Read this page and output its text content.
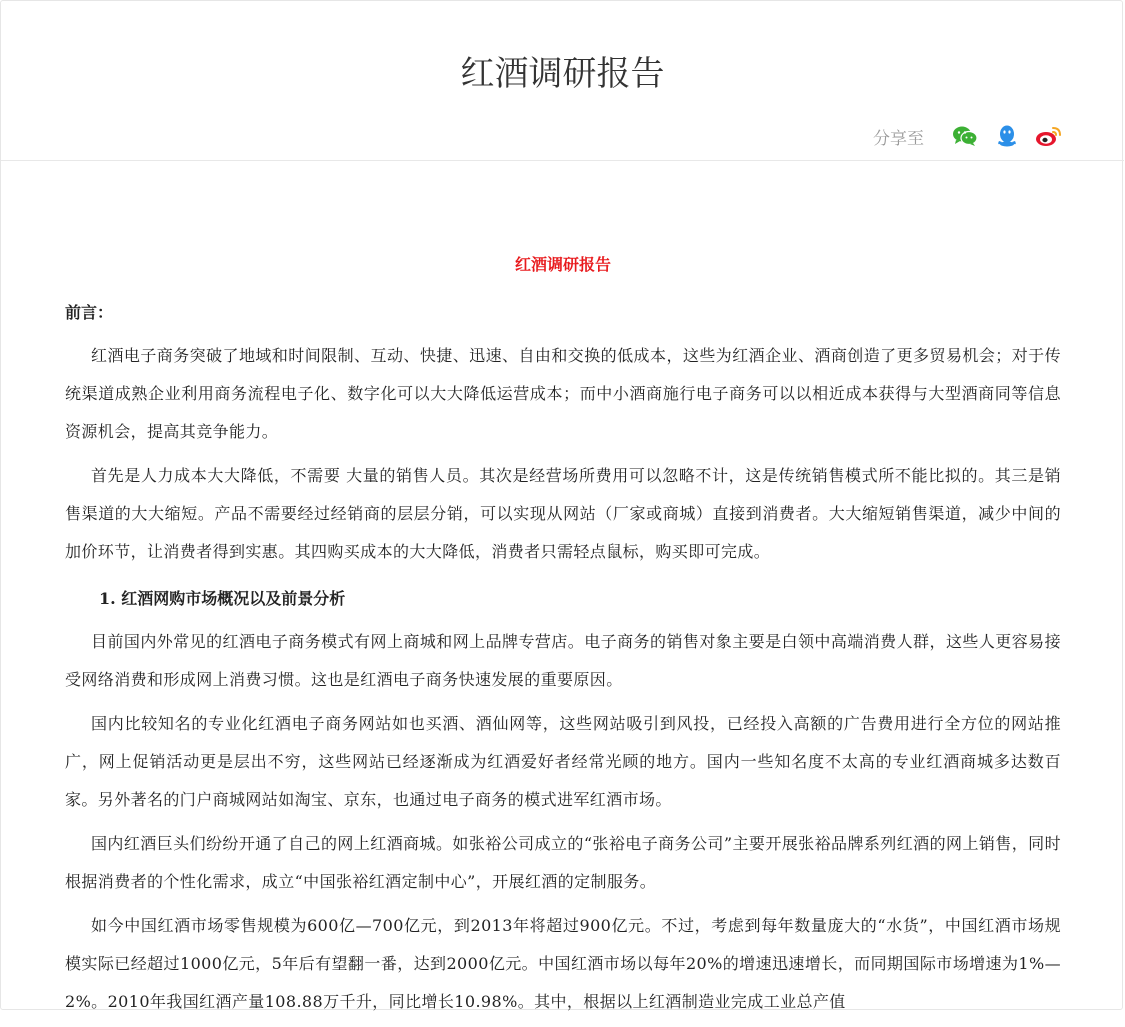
红酒调研报告
分享至

红酒调研报告

前言：

红酒电子商务突破了地域和时间限制、互动、快捷、迅速、自由和交换的低成本，这些为红酒企业、酒商创造了更多贸易机会；对于传统渠道成熟企业利用商务流程电子化、数字化可以大大降低运营成本；而中小酒商施行电子商务可以以相近成本获得与大型酒商同等信息资源机会，提高其竞争能力。

首先是人力成本大大降低，不需要 大量的销售人员。其次是经营场所费用可以忽略不计，这是传统销售模式所不能比拟的。其三是销售渠道的大大缩短。产品不需要经过经销商的层层分销，可以实现从网站（厂家或商城）直接到消费者。大大缩短销售渠道，减少中间的加价环节，让消费者得到实惠。其四购买成本的大大降低，消费者只需轻点鼠标，购买即可完成。

1. 红酒网购市场概况以及前景分析

目前国内外常见的红酒电子商务模式有网上商城和网上品牌专营店。电子商务的销售对象主要是白领中高端消费人群，这些人更容易接受网络消费和形成网上消费习惯。这也是红酒电子商务快速发展的重要原因。

国内比较知名的专业化红酒电子商务网站如也买酒、酒仙网等，这些网站吸引到风投，已经投入高额的广告费用进行全方位的网站推广，网上促销活动更是层出不穷，这些网站已经逐渐成为红酒爱好者经常光顾的地方。国内一些知名度不太高的专业红酒商城多达数百家。另外著名的门户商城网站如淘宝、京东，也通过电子商务的模式进军红酒市场。

国内红酒巨头们纷纷开通了自己的网上红酒商城。如张裕公司成立的“张裕电子商务公司”主要开展张裕品牌系列红酒的网上销售，同时根据消费者的个性化需求，成立“中国张裕红酒定制中心”，开展红酒的定制服务。

如今中国红酒市场零售规模为600亿—700亿元，到2013年将超过900亿元。不过，考虑到每年数量庞大的“水货”，中国红酒市场规模实际已经超过1000亿元，5年后有望翻一番，达到2000亿元。中国红酒市场以每年20%的增速迅速增长，而同期国际市场增速为1%—2%。2010年我国红酒产量108.88万千升，同比增长10.98%。其中，根据以上红酒制造业完成工业总产值
